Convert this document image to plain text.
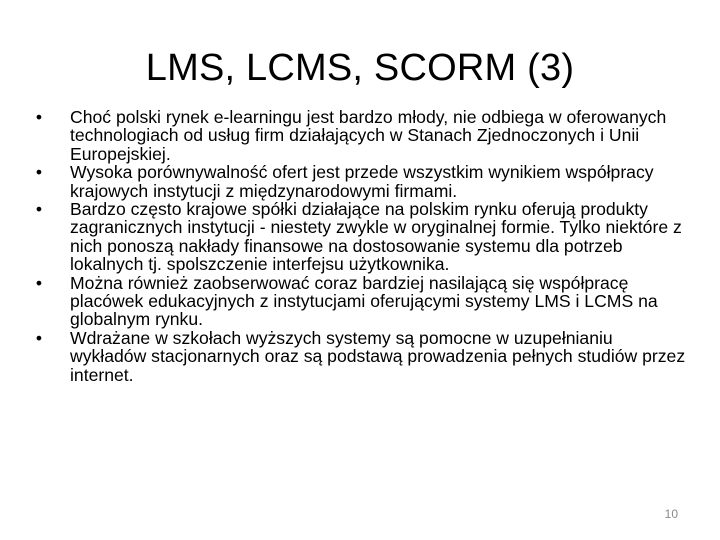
LMS, LCMS, SCORM (3)
• Choć polski rynek e-learningu jest bardzo młody, nie odbiega w oferowanych technologiach od usług firm działających w Stanach Zjednoczonych i Unii Europejskiej.
• Wysoka porównywalność ofert jest przede wszystkim wynikiem współpracy krajowych instytucji z międzynarodowymi firmami.
• Bardzo często krajowe spółki działające na polskim rynku oferują produkty zagranicznych instytucji - niestety zwykle w oryginalnej formie. Tylko niektóre z nich ponoszą nakłady finansowe na dostosowanie systemu dla potrzeb lokalnych tj. spolszczenie interfejsu użytkownika.
• Można również zaobserwować coraz bardziej nasilającą się współpracę placówek edukacyjnych z instytucjami oferującymi systemy LMS i LCMS na globalnym rynku.
• Wdrażane w szkołach wyższych systemy są pomocne w uzupełnianiu wykładów stacjonarnych oraz są podstawą prowadzenia pełnych studiów przez internet.
10
